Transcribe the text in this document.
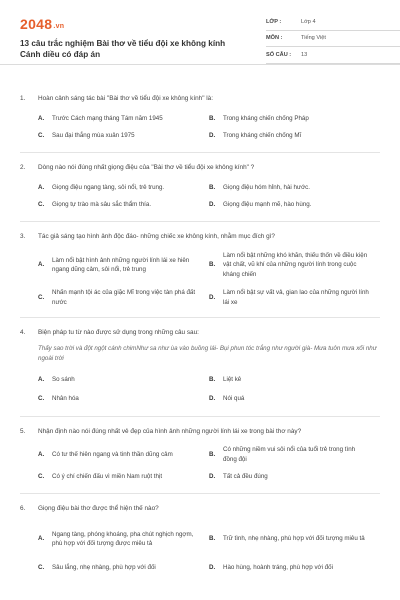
2048.vn
13 câu trắc nghiệm Bài thơ về tiểu đội xe không kính Cánh diều có đáp án
LỚP :	Lớp 4
MÔN :	Tiếng Việt
SỐ CÂU :	13
1.	Hoàn cảnh sáng tác bài "Bài thơ về tiểu đội xe không kính" là:
A.	Trước Cách mạng tháng Tám năm 1945	B.	Trong kháng chiến chống Pháp
C.	Sau đại thắng mùa xuân 1975	D.	Trong kháng chiến chống Mĩ
2.	Dòng nào nói đúng nhất giọng điệu của "Bài thơ về tiểu đội xe không kính" ?
A.	Giọng điệu ngang tàng, sôi nổi, trẻ trung.	B.	Giọng điệu hóm hỉnh, hài hước.
C.	Giọng tự trào mà sâu sắc thẩm thía.	D.	Giọng điệu mạnh mẽ, hào hùng.
3.	Tác giả sáng tạo hình ảnh độc đáo- những chiếc xe không kính, nhằm mục đích gì?
A.
Làm nổi bật hình ảnh những người lính lái xe hiên ngang dũng cảm, sôi nổi, trẻ trung
B.
Làm nổi bật những khó khăn, thiếu thốn về điều kiện vật chất, vũ khí của những người lính trong cuộc kháng chiến
C.
Nhấn mạnh tội ác của giặc Mĩ trong việc tàn phá đất nước
D.
Làm nổi bật sự vất vả, gian lao của những người lính lái xe
4.	Biện pháp tu từ nào được sử dụng trong những câu sau:
Thấy sao trời và đột ngột cánh chimNhư sa như ùa vào buồng lái- Bụi phun tóc trắng như người già- Mưa tuôn mưa xối như ngoài trời
A.	So sánh	B.	Liệt kê
C.	Nhân hóa	D.	Nói quá
5.	Nhận định nào nói đúng nhất vẻ đẹp của hình ảnh những người lính lái xe trong bài thơ này?
A.	Có tư thế hiên ngang và tinh thần dũng cảm	B.
Có những niềm vui sôi nổi của tuổi trẻ trong tình đồng đội
C.	Có ý chí chiến đấu vì miền Nam ruột thịt	D.	Tất cả đều đúng
6.	Giọng điệu bài thơ được thể hiện thế nào?
A.
Ngang tàng, phóng khoáng, pha chút nghịch ngợm, phù hợp với đối tượng được miêu tả
B.	Trữ tình, nhẹ nhàng, phù hợp với đối tượng miêu tả
C.	Sâu lắng, nhẹ nhàng, phù hợp với đối	D.	Hào hùng, hoành tráng, phù hợp với đối
